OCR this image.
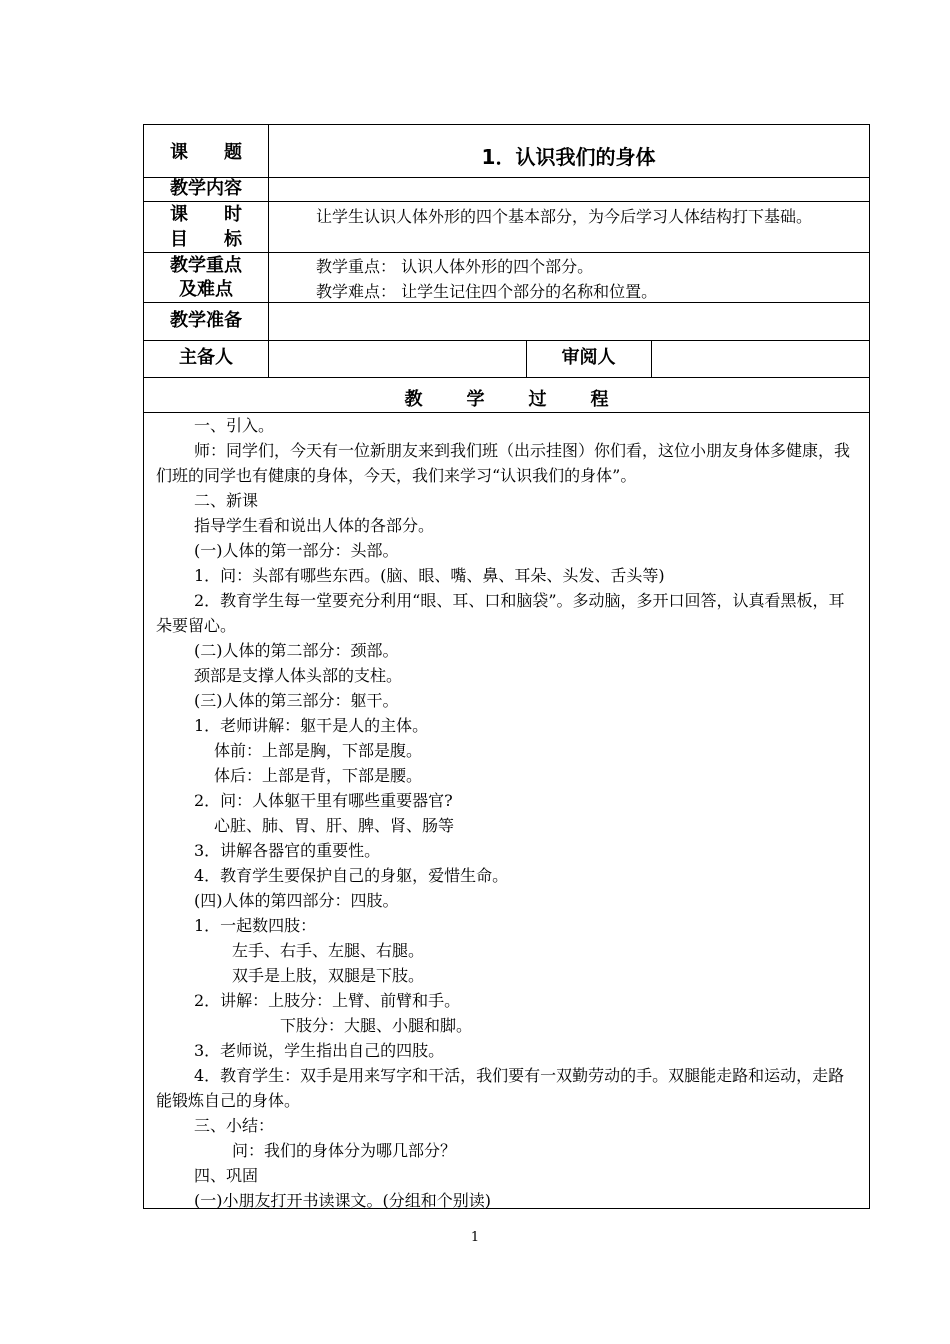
课　　题	1．认识我们的身体
教学内容
课　　时
目　　标
让学生认识人体外形的四个基本部分，为今后学习人体结构打下基础。
教学重点
及难点
教学重点： 认识人体外形的四个部分。
教学难点： 让学生记住四个部分的名称和位置。
教学准备
主备人	审阅人
教学过程

一、引入。

师：同学们，今天有一位新朋友来到我们班（出示挂图）你们看，这位小朋友身体多健康，我们班的同学也有健康的身体，今天，我们来学习“认识我们的身体”。

二、新课

指导学生看和说出人体的各部分。

(一)人体的第一部分：头部。

1．问：头部有哪些东西。(脑、眼、嘴、鼻、耳朵、头发、舌头等)

2．教育学生每一堂要充分利用“眼、耳、口和脑袋”。多动脑，多开口回答，认真看黑板，耳朵要留心。

(二)人体的第二部分：颈部。

颈部是支撑人体头部的支柱。

(三)人体的第三部分：躯干。

1．老师讲解：躯干是人的主体。

体前：上部是胸，下部是腹。

体后：上部是背，下部是腰。

2．问：人体躯干里有哪些重要器官?

心脏、肺、胃、肝、脾、肾、肠等

3．讲解各器官的重要性。

4．教育学生要保护自己的身躯，爱惜生命。

(四)人体的第四部分：四肢。

1．一起数四肢：

左手、右手、左腿、右腿。

双手是上肢，双腿是下肢。

2．讲解：上肢分：上臂、前臂和手。

下肢分：大腿、小腿和脚。

3．老师说，学生指出自己的四肢。

4．教育学生：双手是用来写字和干活，我们要有一双勤劳动的手。双腿能走路和运动，走路能锻炼自己的身体。

三、小结：

问：我们的身体分为哪几部分？

四、巩固

(一)小朋友打开书读课文。(分组和个别读)

1
